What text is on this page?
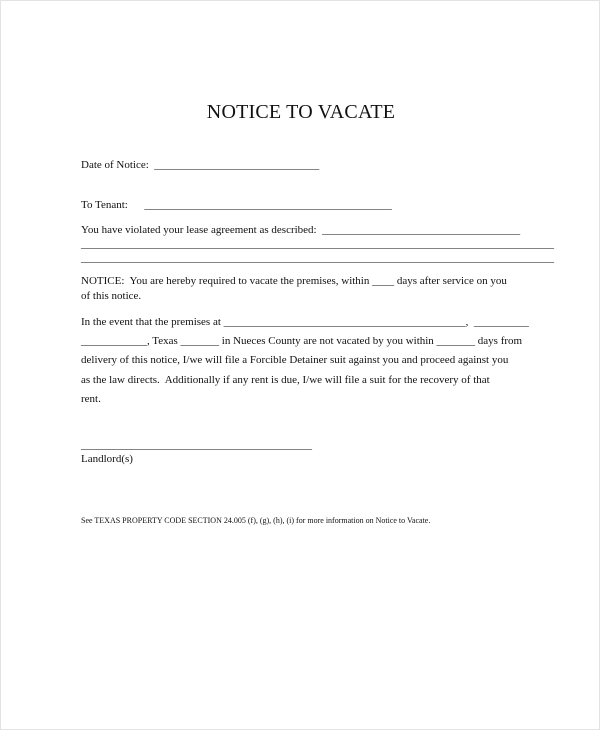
NOTICE TO VACATE
Date of Notice:  ______________________________
To Tenant:      _____________________________________________
You have violated your lease agreement as described:  ____________________________________
______________________________________________________________________________________
______________________________________________________________________________________
NOTICE:  You are hereby required to vacate the premises, within ____ days after service on you
of this notice.
In the event that the premises at ____________________________________________,  __________
____________, Texas _______ in Nueces County are not vacated by you within _______ days from
delivery of this notice, I/we will file a Forcible Detainer suit against you and proceed against you
as the law directs.  Additionally if any rent is due, I/we will file a suit for the recovery of that
rent.
__________________________________________
Landlord(s)
See TEXAS PROPERTY CODE SECTION 24.005 (f), (g), (h), (i) for more information on Notice to Vacate.
